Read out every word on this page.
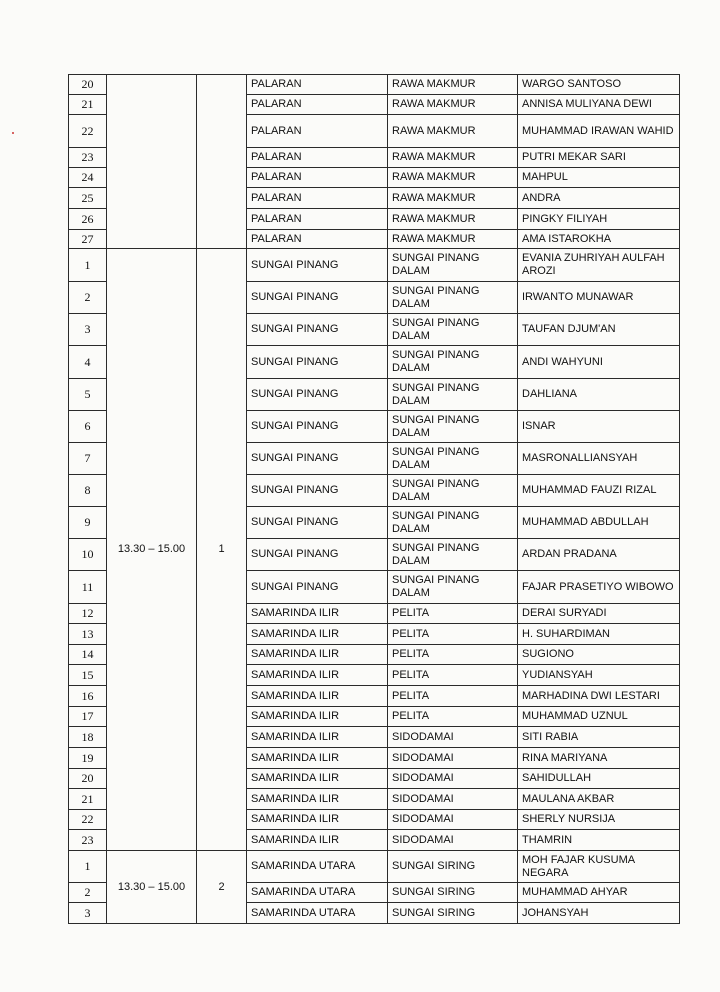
20			PALARAN	RAWA MAKMUR	WARGO SANTOSO
21			PALARAN	RAWA MAKMUR	ANNISA MULIYANA DEWI
22			PALARAN	RAWA MAKMUR	MUHAMMAD IRAWAN WAHID
23			PALARAN	RAWA MAKMUR	PUTRI MEKAR SARI
24			PALARAN	RAWA MAKMUR	MAHPUL
25			PALARAN	RAWA MAKMUR	ANDRA
26			PALARAN	RAWA MAKMUR	PINGKY FILIYAH
27			PALARAN	RAWA MAKMUR	AMA ISTAROKHA
1	13.30 – 15.00	1	SUNGAI PINANG	SUNGAI PINANG DALAM	EVANIA ZUHRIYAH AULFAH AROZI
2			SUNGAI PINANG	SUNGAI PINANG DALAM	IRWANTO MUNAWAR
3			SUNGAI PINANG	SUNGAI PINANG DALAM	TAUFAN DJUM'AN
4			SUNGAI PINANG	SUNGAI PINANG DALAM	ANDI WAHYUNI
5			SUNGAI PINANG	SUNGAI PINANG DALAM	DAHLIANA
6			SUNGAI PINANG	SUNGAI PINANG DALAM	ISNAR
7			SUNGAI PINANG	SUNGAI PINANG DALAM	MASRONALLIANSYAH
8			SUNGAI PINANG	SUNGAI PINANG DALAM	MUHAMMAD FAUZI RIZAL
9			SUNGAI PINANG	SUNGAI PINANG DALAM	MUHAMMAD ABDULLAH
10			SUNGAI PINANG	SUNGAI PINANG DALAM	ARDAN PRADANA
11			SUNGAI PINANG	SUNGAI PINANG DALAM	FAJAR PRASETIYO WIBOWO
12			SAMARINDA ILIR	PELITA	DERAI SURYADI
13			SAMARINDA ILIR	PELITA	H. SUHARDIMAN
14			SAMARINDA ILIR	PELITA	SUGIONO
15			SAMARINDA ILIR	PELITA	YUDIANSYAH
16			SAMARINDA ILIR	PELITA	MARHADINA DWI LESTARI
17			SAMARINDA ILIR	PELITA	MUHAMMAD UZNUL
18			SAMARINDA ILIR	SIDODAMAI	SITI RABIA
19			SAMARINDA ILIR	SIDODAMAI	RINA MARIYANA
20			SAMARINDA ILIR	SIDODAMAI	SAHIDULLAH
21			SAMARINDA ILIR	SIDODAMAI	MAULANA AKBAR
22			SAMARINDA ILIR	SIDODAMAI	SHERLY NURSIJA
23			SAMARINDA ILIR	SIDODAMAI	THAMRIN
1	13.30 – 15.00	2	SAMARINDA UTARA	SUNGAI SIRING	MOH FAJAR KUSUMA NEGARA
2			SAMARINDA UTARA	SUNGAI SIRING	MUHAMMAD AHYAR
3			SAMARINDA UTARA	SUNGAI SIRING	JOHANSYAH
